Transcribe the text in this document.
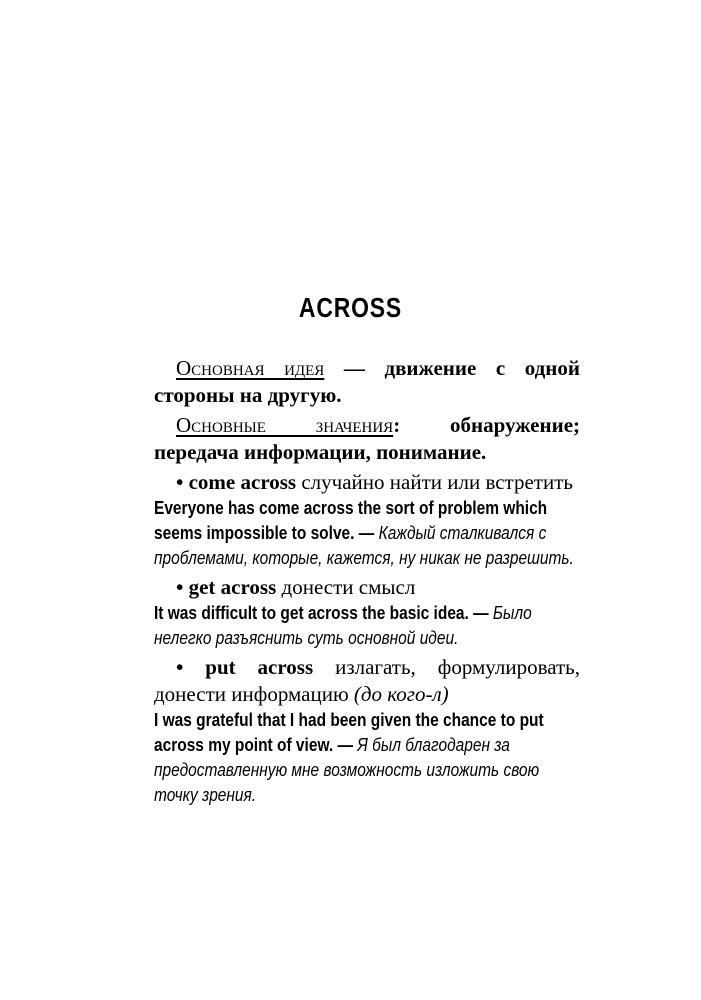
ACROSS
Основная идея — движение с одной стороны на другую.
Основные значения: обнаружение; передача информации, понимание.
• come across случайно найти или встретить
Everyone has come across the sort of problem which seems impossible to solve. — Каждый сталкивался с проблемами, которые, кажется, ну никак не разрешить.
• get across донести смысл
It was difficult to get across the basic idea. — Было нелегко разъяснить суть основной идеи.
• put across излагать, формулировать, донести информацию (до кого-л)
I was grateful that I had been given the chance to put across my point of view. — Я был благодарен за предоставленную мне возможность изложить свою точку зрения.
